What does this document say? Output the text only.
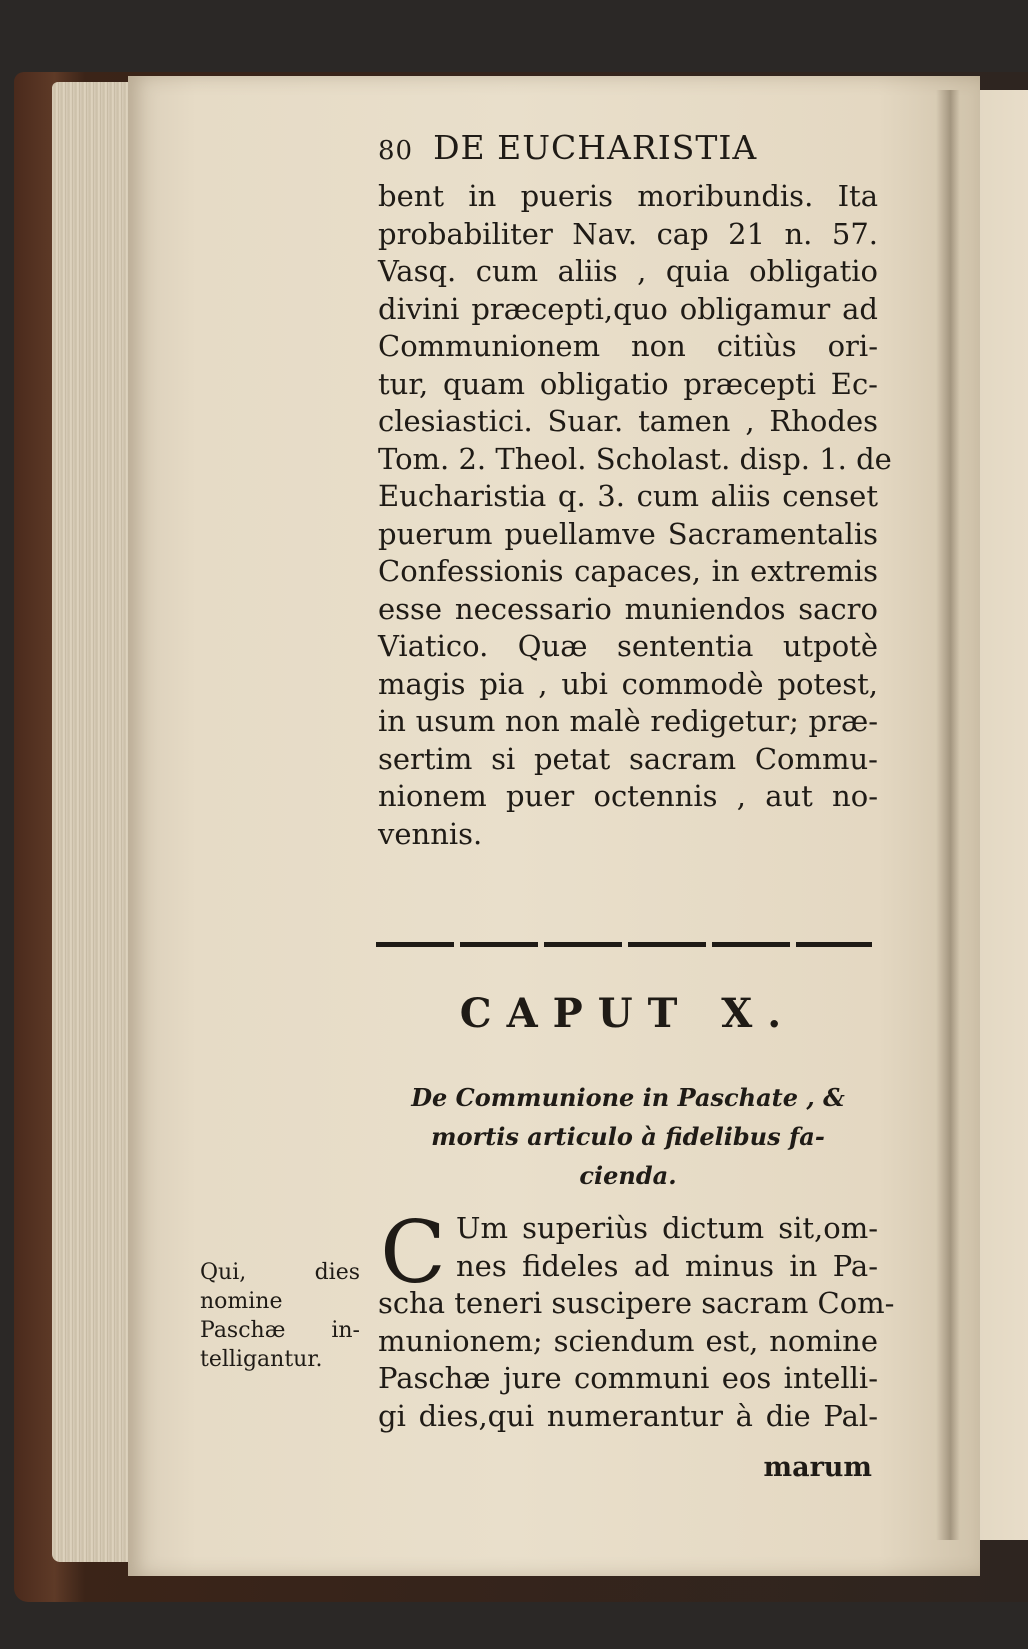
80 DE EUCHARISTIA
bent in pueris moribundis. Ita
probabiliter Nav. cap 21 n. 57.
Vasq. cum aliis , quia obligatio
divini præcepti,quo obligamur ad
Communionem non citiùs ori-
tur, quam obligatio præcepti Ec-
clesiastici. Suar. tamen , Rhodes
Tom. 2. Theol. Scholast. disp. 1. de
Eucharistia q. 3. cum aliis censet
puerum puellamve Sacramentalis
Confessionis capaces, in extremis
esse necessario muniendos sacro
Viatico. Quæ sententia utpotè
magis pia , ubi commodè potest,
in usum non malè redigetur; præ-
sertim si petat sacram Commu-
nionem puer octennis , aut no-
vennis.
CAPUT X.
De Communione in Paschate , &
mortis articulo à fidelibus fa-
cienda.
C Um superiùs dictum sit,om-
nes fideles ad minus in Pa-
scha teneri suscipere sacram Com-
munionem; sciendum est, nomine
Paschæ jure communi eos intelli-
gi dies,qui numerantur à die Pal-
Qui, dies
nomine
Paschæ in-
telligantur.
marum
